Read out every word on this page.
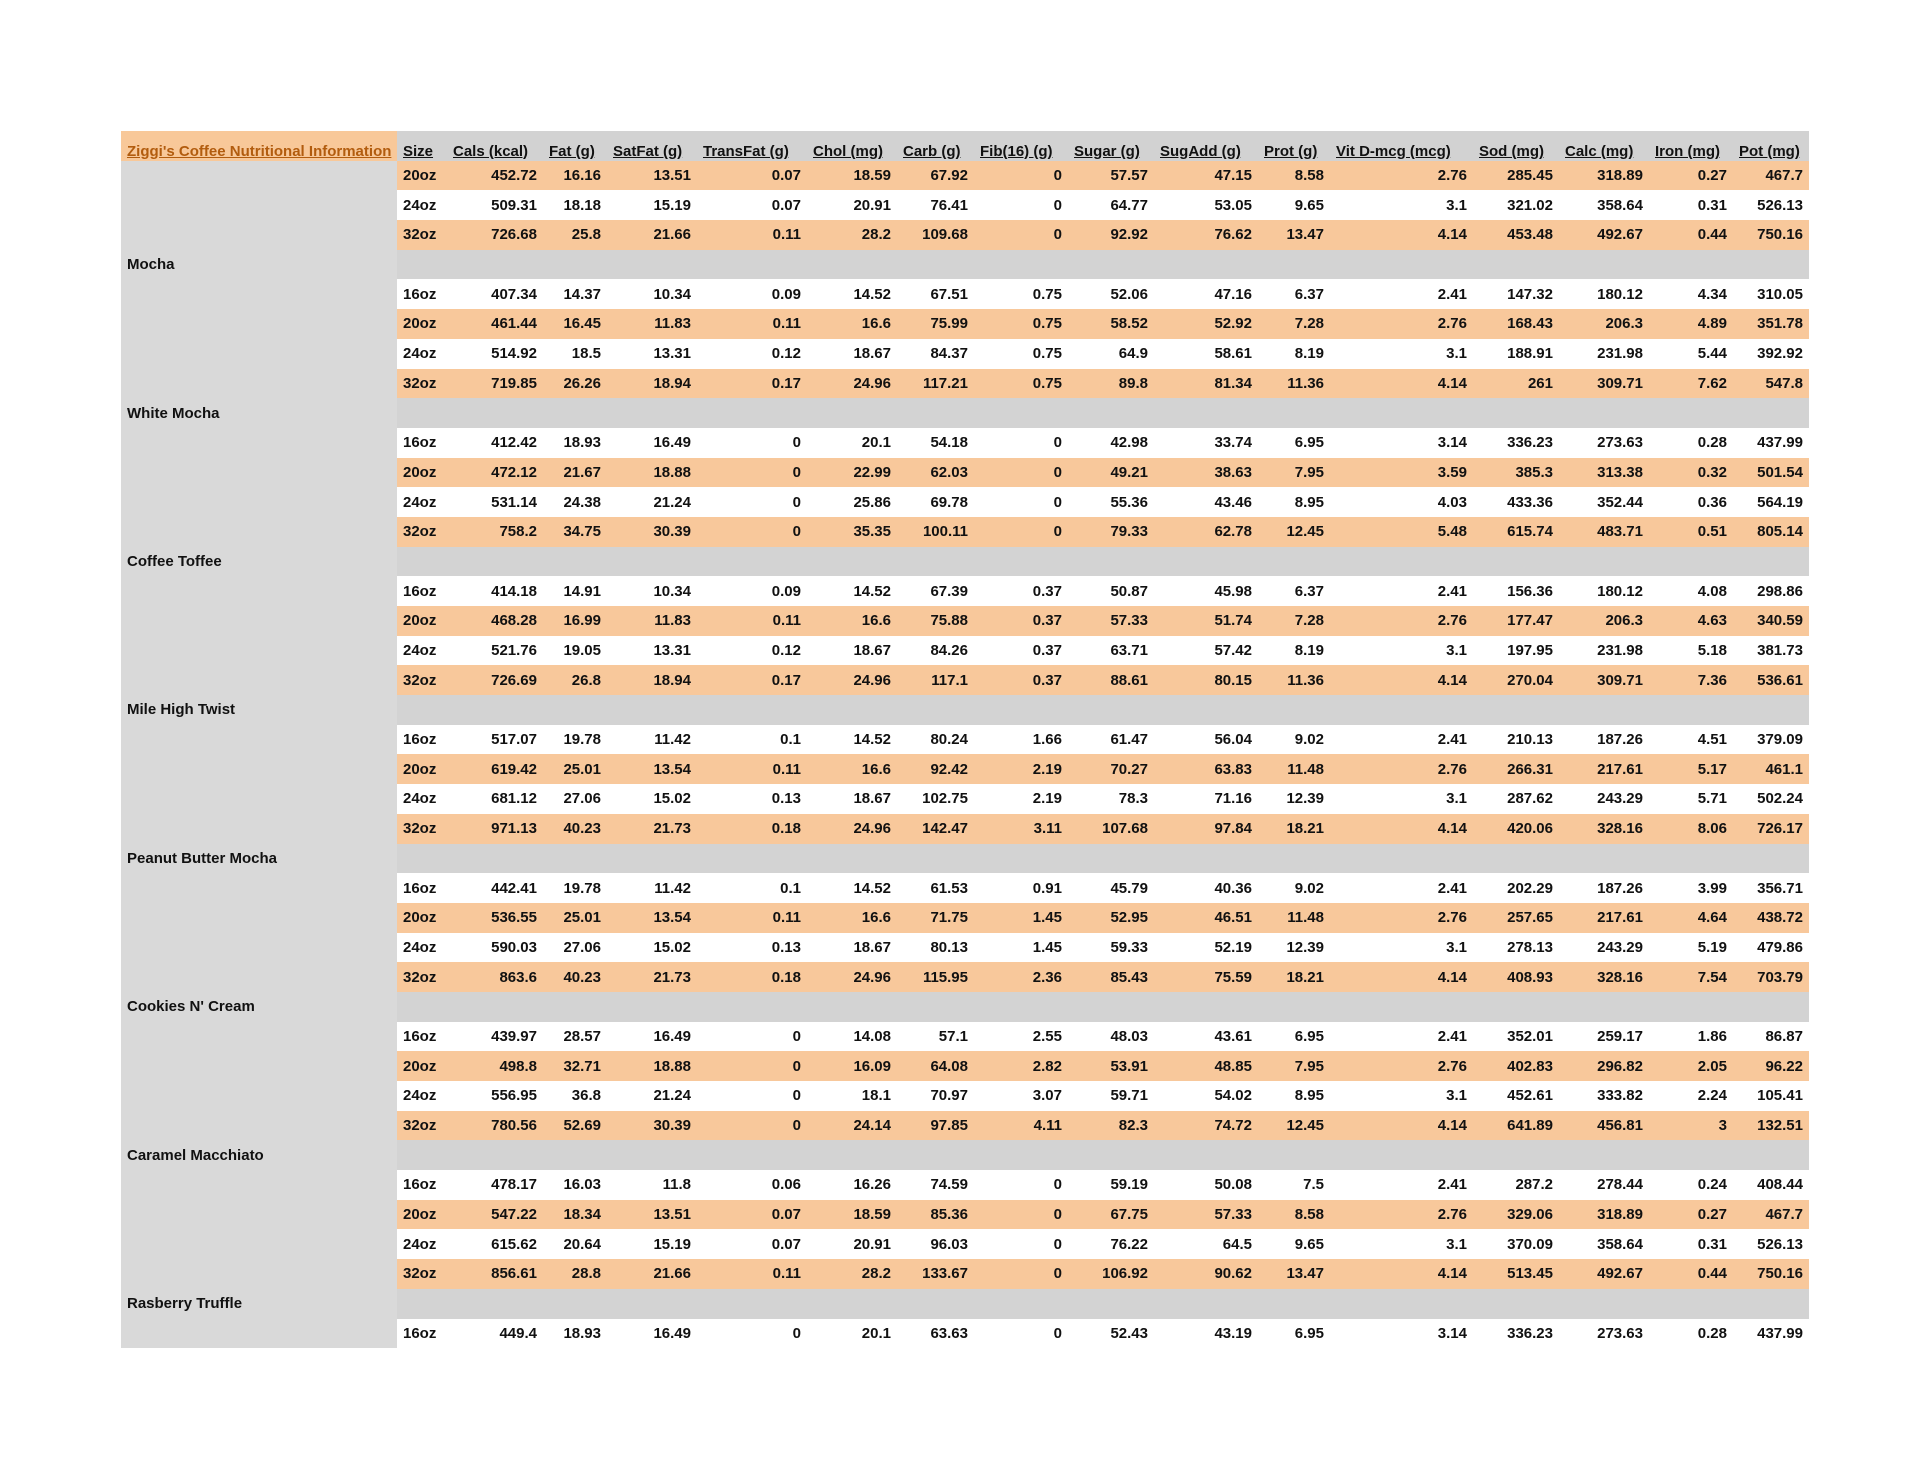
Ziggi's Coffee Nutritional Information	Size	Cals (kcal)	Fat (g)	SatFat (g)	TransFat (g)	Chol (mg)	Carb (g)	Fib(16) (g)	Sugar (g)	SugAdd (g)	Prot (g)	Vit D-mcg (mcg)	Sod (mg)	Calc (mg)	Iron (mg)	Pot (mg)
	20oz	452.72	16.16	13.51	0.07	18.59	67.92	0	57.57	47.15	8.58	2.76	285.45	318.89	0.27	467.7
	24oz	509.31	18.18	15.19	0.07	20.91	76.41	0	64.77	53.05	9.65	3.1	321.02	358.64	0.31	526.13
	32oz	726.68	25.8	21.66	0.11	28.2	109.68	0	92.92	76.62	13.47	4.14	453.48	492.67	0.44	750.16
Mocha																
	16oz	407.34	14.37	10.34	0.09	14.52	67.51	0.75	52.06	47.16	6.37	2.41	147.32	180.12	4.34	310.05
	20oz	461.44	16.45	11.83	0.11	16.6	75.99	0.75	58.52	52.92	7.28	2.76	168.43	206.3	4.89	351.78
	24oz	514.92	18.5	13.31	0.12	18.67	84.37	0.75	64.9	58.61	8.19	3.1	188.91	231.98	5.44	392.92
	32oz	719.85	26.26	18.94	0.17	24.96	117.21	0.75	89.8	81.34	11.36	4.14	261	309.71	7.62	547.8
White Mocha																
	16oz	412.42	18.93	16.49	0	20.1	54.18	0	42.98	33.74	6.95	3.14	336.23	273.63	0.28	437.99
	20oz	472.12	21.67	18.88	0	22.99	62.03	0	49.21	38.63	7.95	3.59	385.3	313.38	0.32	501.54
	24oz	531.14	24.38	21.24	0	25.86	69.78	0	55.36	43.46	8.95	4.03	433.36	352.44	0.36	564.19
	32oz	758.2	34.75	30.39	0	35.35	100.11	0	79.33	62.78	12.45	5.48	615.74	483.71	0.51	805.14
Coffee Toffee																
	16oz	414.18	14.91	10.34	0.09	14.52	67.39	0.37	50.87	45.98	6.37	2.41	156.36	180.12	4.08	298.86
	20oz	468.28	16.99	11.83	0.11	16.6	75.88	0.37	57.33	51.74	7.28	2.76	177.47	206.3	4.63	340.59
	24oz	521.76	19.05	13.31	0.12	18.67	84.26	0.37	63.71	57.42	8.19	3.1	197.95	231.98	5.18	381.73
	32oz	726.69	26.8	18.94	0.17	24.96	117.1	0.37	88.61	80.15	11.36	4.14	270.04	309.71	7.36	536.61
Mile High Twist																
	16oz	517.07	19.78	11.42	0.1	14.52	80.24	1.66	61.47	56.04	9.02	2.41	210.13	187.26	4.51	379.09
	20oz	619.42	25.01	13.54	0.11	16.6	92.42	2.19	70.27	63.83	11.48	2.76	266.31	217.61	5.17	461.1
	24oz	681.12	27.06	15.02	0.13	18.67	102.75	2.19	78.3	71.16	12.39	3.1	287.62	243.29	5.71	502.24
	32oz	971.13	40.23	21.73	0.18	24.96	142.47	3.11	107.68	97.84	18.21	4.14	420.06	328.16	8.06	726.17
Peanut Butter Mocha																
	16oz	442.41	19.78	11.42	0.1	14.52	61.53	0.91	45.79	40.36	9.02	2.41	202.29	187.26	3.99	356.71
	20oz	536.55	25.01	13.54	0.11	16.6	71.75	1.45	52.95	46.51	11.48	2.76	257.65	217.61	4.64	438.72
	24oz	590.03	27.06	15.02	0.13	18.67	80.13	1.45	59.33	52.19	12.39	3.1	278.13	243.29	5.19	479.86
	32oz	863.6	40.23	21.73	0.18	24.96	115.95	2.36	85.43	75.59	18.21	4.14	408.93	328.16	7.54	703.79
Cookies N' Cream																
	16oz	439.97	28.57	16.49	0	14.08	57.1	2.55	48.03	43.61	6.95	2.41	352.01	259.17	1.86	86.87
	20oz	498.8	32.71	18.88	0	16.09	64.08	2.82	53.91	48.85	7.95	2.76	402.83	296.82	2.05	96.22
	24oz	556.95	36.8	21.24	0	18.1	70.97	3.07	59.71	54.02	8.95	3.1	452.61	333.82	2.24	105.41
	32oz	780.56	52.69	30.39	0	24.14	97.85	4.11	82.3	74.72	12.45	4.14	641.89	456.81	3	132.51
Caramel Macchiato																
	16oz	478.17	16.03	11.8	0.06	16.26	74.59	0	59.19	50.08	7.5	2.41	287.2	278.44	0.24	408.44
	20oz	547.22	18.34	13.51	0.07	18.59	85.36	0	67.75	57.33	8.58	2.76	329.06	318.89	0.27	467.7
	24oz	615.62	20.64	15.19	0.07	20.91	96.03	0	76.22	64.5	9.65	3.1	370.09	358.64	0.31	526.13
	32oz	856.61	28.8	21.66	0.11	28.2	133.67	0	106.92	90.62	13.47	4.14	513.45	492.67	0.44	750.16
Rasberry Truffle																
	16oz	449.4	18.93	16.49	0	20.1	63.63	0	52.43	43.19	6.95	3.14	336.23	273.63	0.28	437.99
